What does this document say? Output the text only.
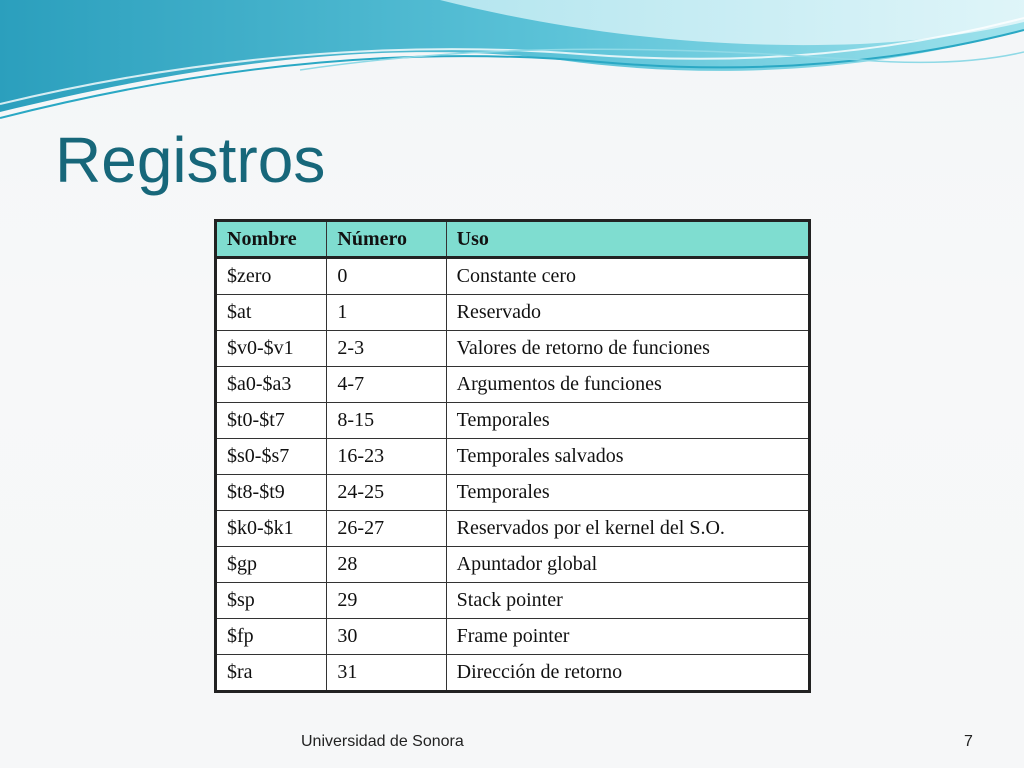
Registros
Nombre	Número	Uso
$zero	0	Constante cero
$at	1	Reservado
$v0-$v1	2-3	Valores de retorno de funciones
$a0-$a3	4-7	Argumentos de funciones
$t0-$t7	8-15	Temporales
$s0-$s7	16-23	Temporales salvados
$t8-$t9	24-25	Temporales
$k0-$k1	26-27	Reservados por el kernel del S.O.
$gp	28	Apuntador global
$sp	29	Stack pointer
$fp	30	Frame pointer
$ra	31	Dirección de retorno
Universidad de Sonora	7
